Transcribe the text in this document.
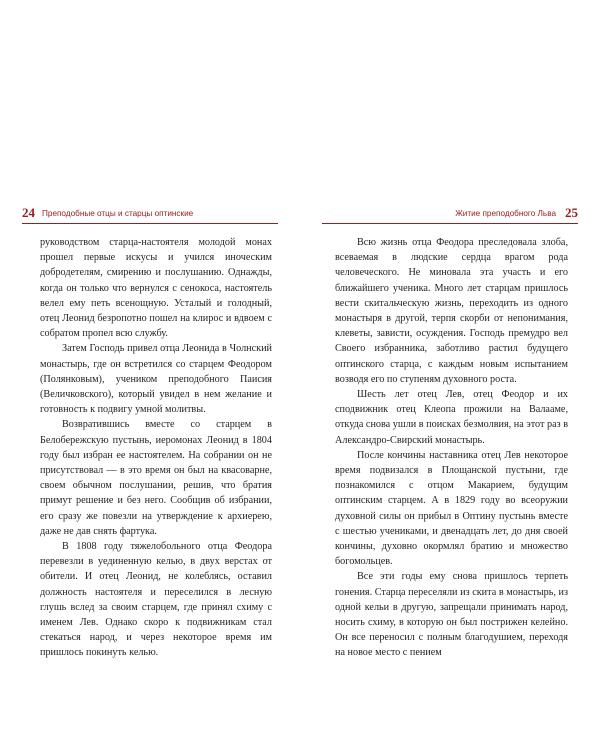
24 Преподобные отцы и старцы оптинские

руководством старца-настоятеля молодой монах прошел первые искусы и учился иноческим добродетелям, смирению и послушанию. Однажды, когда он только что вернулся с сенокоса, настоятель велел ему петь всенощную. Усталый и голодный, отец Леонид безропотно пошел на клирос и вдвоем с собратом пропел всю службу.

Затем Господь привел отца Леонида в Чолнский монастырь, где он встретился со старцем Феодором (Полянковым), учеником преподобного Паисия (Величковского), который увидел в нем желание и готовность к подвигу умной молитвы.

Возвратившись вместе со старцем в Белобережскую пустынь, иеромонах Леонид в 1804 году был избран ее настоятелем. На собрании он не присутствовал — в это время он был на квасоварне, своем обычном послушании, решив, что братия примут решение и без него. Сообщив об избрании, его сразу же повезли на утверждение к архиерею, даже не дав снять фартука.

В 1808 году тяжелобольного отца Феодора перевезли в уединенную келью, в двух верстах от обители. И отец Леонид, не колеблясь, оставил должность настоятеля и переселился в лесную глушь вслед за своим старцем, где принял схиму с именем Лев. Однако скоро к подвижникам стал стекаться народ, и через некоторое время им пришлось покинуть келью.

Житие преподобного Льва 25

Всю жизнь отца Феодора преследовала злоба, всеваемая в людские сердца врагом рода человеческого. Не миновала эта участь и его ближайшего ученика. Много лет старцам пришлось вести скитальческую жизнь, переходить из одного монастыря в другой, терпя скорби от непонимания, клеветы, зависти, осуждения. Господь премудро вел Своего избранника, заботливо растил будущего оптинского старца, с каждым новым испытанием возводя его по ступеням духовного роста.

Шесть лет отец Лев, отец Феодор и их сподвижник отец Клеопа прожили на Валааме, откуда снова ушли в поисках безмолвия, на этот раз в Александро-Свирский монастырь.

После кончины наставника отец Лев некоторое время подвизался в Площанской пустыни, где познакомился с отцом Макарием, будущим оптинским старцем. А в 1829 году во всеоружии духовной силы он прибыл в Оптину пустынь вместе с шестью учениками, и двенадцать лет, до дня своей кончины, духовно окормлял братию и множество богомольцев.

Все эти годы ему снова пришлось терпеть гонения. Старца переселяли из скита в монастырь, из одной кельи в другую, запрещали принимать народ, носить схиму, в которую он был пострижен келейно. Он все переносил с полным благодушием, переходя на новое место с пением
